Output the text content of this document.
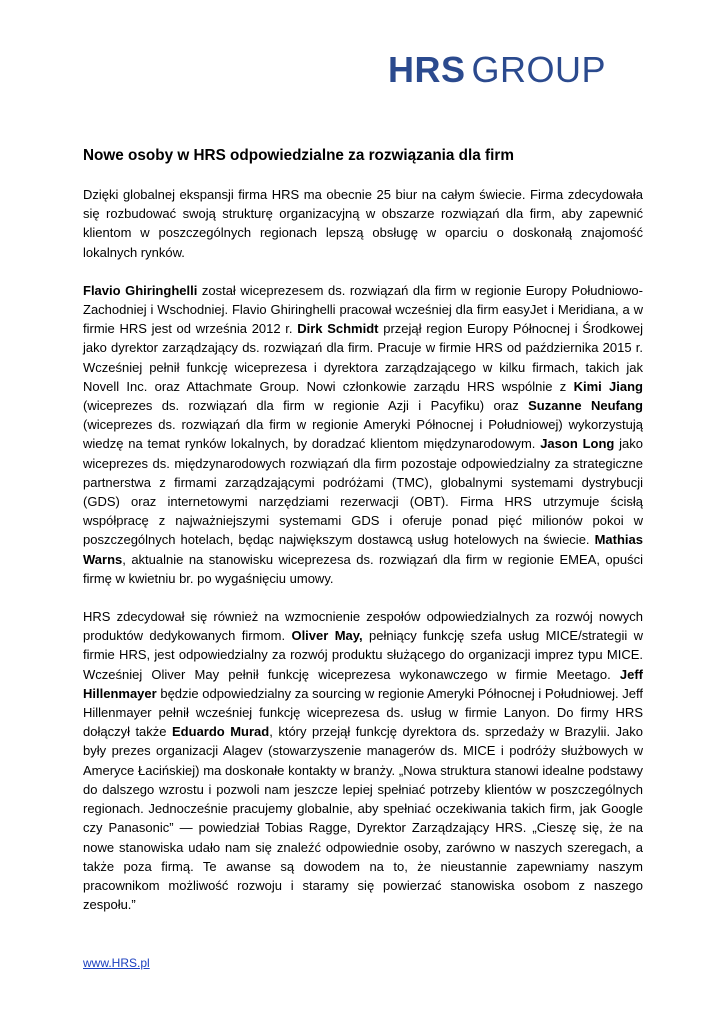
HRS GROUP
Nowe osoby w HRS odpowiedzialne za rozwiązania dla firm

Dzięki globalnej ekspansji firma HRS ma obecnie 25 biur na całym świecie. Firma zdecydowała się rozbudować swoją strukturę organizacyjną w obszarze rozwiązań dla firm, aby zapewnić klientom w poszczególnych regionach lepszą obsługę w oparciu o doskonałą znajomość lokalnych rynków.

Flavio Ghiringhelli został wiceprezesem ds. rozwiązań dla firm w regionie Europy Południowo-Zachodniej i Wschodniej. Flavio Ghiringhelli pracował wcześniej dla firm easyJet i Meridiana, a w firmie HRS jest od września 2012 r. Dirk Schmidt przejął region Europy Północnej i Środkowej jako dyrektor zarządzający ds. rozwiązań dla firm. Pracuje w firmie HRS od października 2015 r. Wcześniej pełnił funkcję wiceprezesa i dyrektora zarządzającego w kilku firmach, takich jak Novell Inc. oraz Attachmate Group. Nowi członkowie zarządu HRS wspólnie z Kimi Jiang (wiceprezes ds. rozwiązań dla firm w regionie Azji i Pacyfiku) oraz Suzanne Neufang (wiceprezes ds. rozwiązań dla firm w regionie Ameryki Północnej i Południowej) wykorzystują wiedzę na temat rynków lokalnych, by doradzać klientom międzynarodowym. Jason Long jako wiceprezes ds. międzynarodowych rozwiązań dla firm pozostaje odpowiedzialny za strategiczne partnerstwa z firmami zarządzającymi podróżami (TMC), globalnymi systemami dystrybucji (GDS) oraz internetowymi narzędziami rezerwacji (OBT). Firma HRS utrzymuje ścisłą współpracę z najważniejszymi systemami GDS i oferuje ponad pięć milionów pokoi w poszczególnych hotelach, będąc największym dostawcą usług hotelowych na świecie. Mathias Warns, aktualnie na stanowisku wiceprezesa ds. rozwiązań dla firm w regionie EMEA, opuści firmę w kwietniu br. po wygaśnięciu umowy.

HRS zdecydował się również na wzmocnienie zespołów odpowiedzialnych za rozwój nowych produktów dedykowanych firmom. Oliver May, pełniący funkcję szefa usług MICE/strategii w firmie HRS, jest odpowiedzialny za rozwój produktu służącego do organizacji imprez typu MICE. Wcześniej Oliver May pełnił funkcję wiceprezesa wykonawczego w firmie Meetago. Jeff Hillenmayer będzie odpowiedzialny za sourcing w regionie Ameryki Północnej i Południowej. Jeff Hillenmayer pełnił wcześniej funkcję wiceprezesa ds. usług w firmie Lanyon. Do firmy HRS dołączył także Eduardo Murad, który przejął funkcję dyrektora ds. sprzedaży w Brazylii. Jako były prezes organizacji Alagev (stowarzyszenie managerów ds. MICE i podróży służbowych w Ameryce Łacińskiej) ma doskonałe kontakty w branży. „Nowa struktura stanowi idealne podstawy do dalszego wzrostu i pozwoli nam jeszcze lepiej spełniać potrzeby klientów w poszczególnych regionach. Jednocześnie pracujemy globalnie, aby spełniać oczekiwania takich firm, jak Google czy Panasonic” — powiedział Tobias Ragge, Dyrektor Zarządzający HRS. „Cieszę się, że na nowe stanowiska udało nam się znaleźć odpowiednie osoby, zarówno w naszych szeregach, a także poza firmą. Te awanse są dowodem na to, że nieustannie zapewniamy naszym pracownikom możliwość rozwoju i staramy się powierzać stanowiska osobom z naszego zespołu.”

www.HRS.pl
